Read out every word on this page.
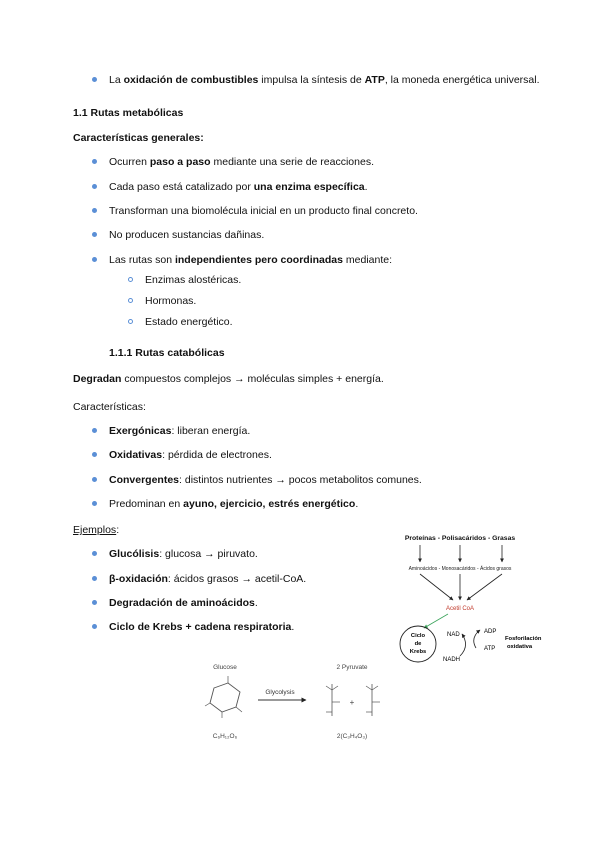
La oxidación de combustibles impulsa la síntesis de ATP, la moneda energética universal.
1.1 Rutas metabólicas
Características generales:
Ocurren paso a paso mediante una serie de reacciones.
Cada paso está catalizado por una enzima específica.
Transforman una biomolécula inicial en un producto final concreto.
No producen sustancias dañinas.
Las rutas son independientes pero coordinadas mediante:
Enzimas alostéricas.
Hormonas.
Estado energético.
1.1.1 Rutas catabólicas
Degradan compuestos complejos → moléculas simples + energía.
Características:
Exergónicas: liberan energía.
Oxidativas: pérdida de electrones.
Convergentes: distintos nutrientes → pocos metabolitos comunes.
Predominan en ayuno, ejercicio, estrés energético.
Ejemplos:
Glucólisis: glucosa → piruvato.
β-oxidación: ácidos grasos → acetil-CoA.
Degradación de aminoácidos.
Ciclo de Krebs + cadena respiratoria.
Proteínas - Polisacáridos - Grasas
Aminoácidos - Monosacáridos - Ácidos grasos
Acetil CoA
Ciclo
de
Krebs
NAD
NADH
ADP
ATP
Fosforilación
oxidativa
Glucose	2 Pyruvate
Glycolysis
+
C₆H₁₂O₆	2(C₃H₄O₃)
